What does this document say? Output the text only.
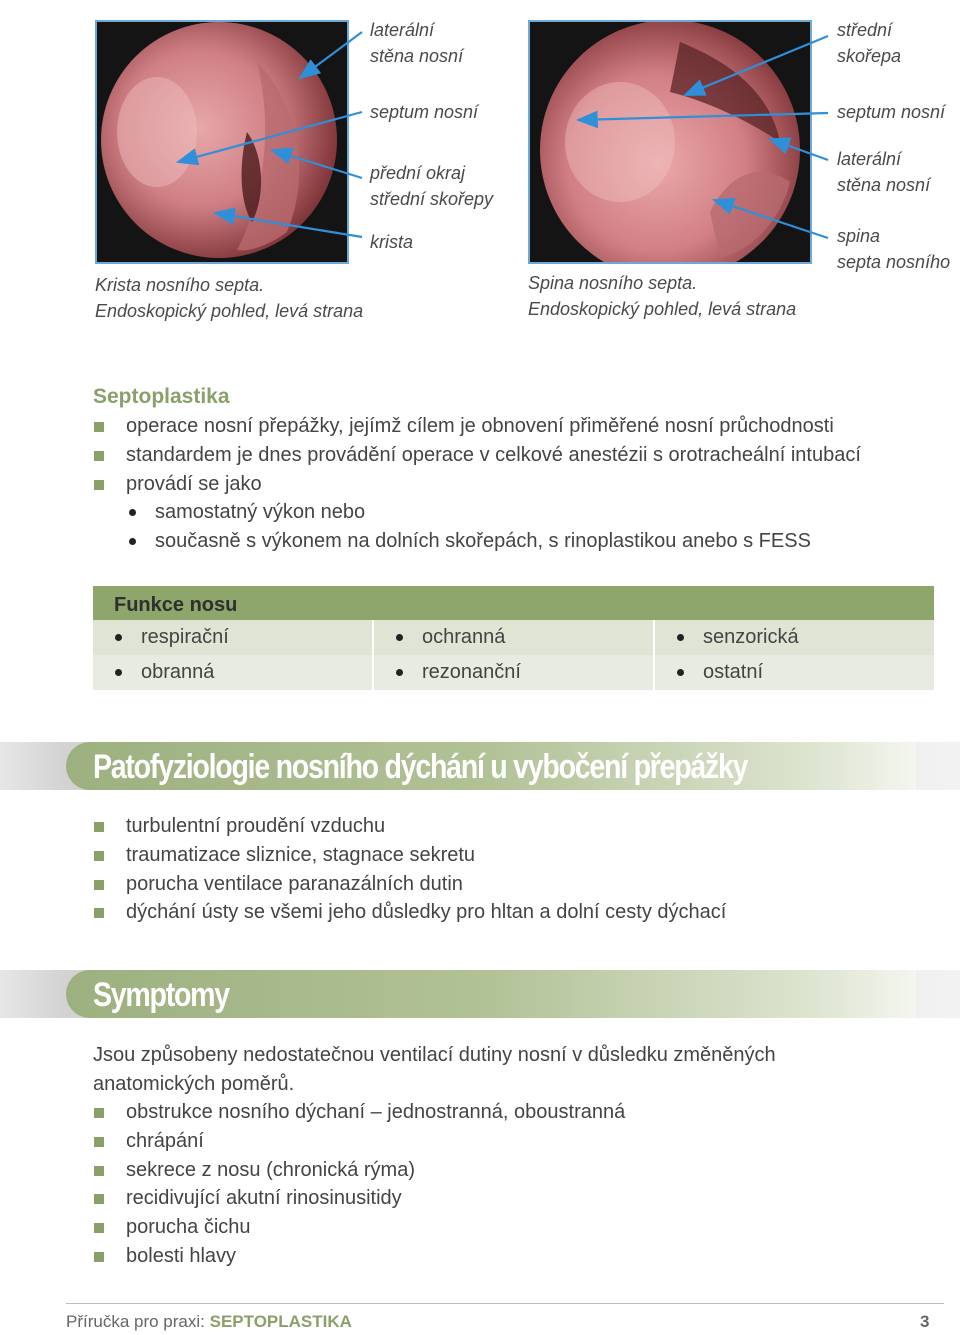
laterální
stěna nosní
septum nosní
přední okraj
střední skořepy
krista
Krista nosního septa.
Endoskopický pohled, levá strana
střední
skořepa
septum nosní
laterální
stěna nosní
spina
septa nosního
Spina nosního septa.
Endoskopický pohled, levá strana
Septoplastika
operace nosní přepážky, jejímž cílem je obnovení přiměřené nosní průchodnosti
standardem je dnes provádění operace v celkové anestézii s orotracheální intubací
provádí se jako
samostatný výkon nebo
současně s výkonem na dolních skořepách, s rinoplastikou anebo s FESS
Funkce nosu
respirační	ochranná	senzorická
obranná	rezonanční	ostatní
Patofyziologie nosního dýchání u vybočení přepážky
turbulentní proudění vzduchu
traumatizace sliznice, stagnace sekretu
porucha ventilace paranazálních dutin
dýchání ústy se všemi jeho důsledky pro hltan a dolní cesty dýchací
Symptomy
Jsou způsobeny nedostatečnou ventilací dutiny nosní v důsledku změněných anatomických poměrů.
obstrukce nosního dýchaní – jednostranná, oboustranná
chrápání
sekrece z nosu (chronická rýma)
recidivující akutní rinosinusitidy
porucha čichu
bolesti hlavy
Příručka pro praxi: SEPTOPLASTIKA	3
